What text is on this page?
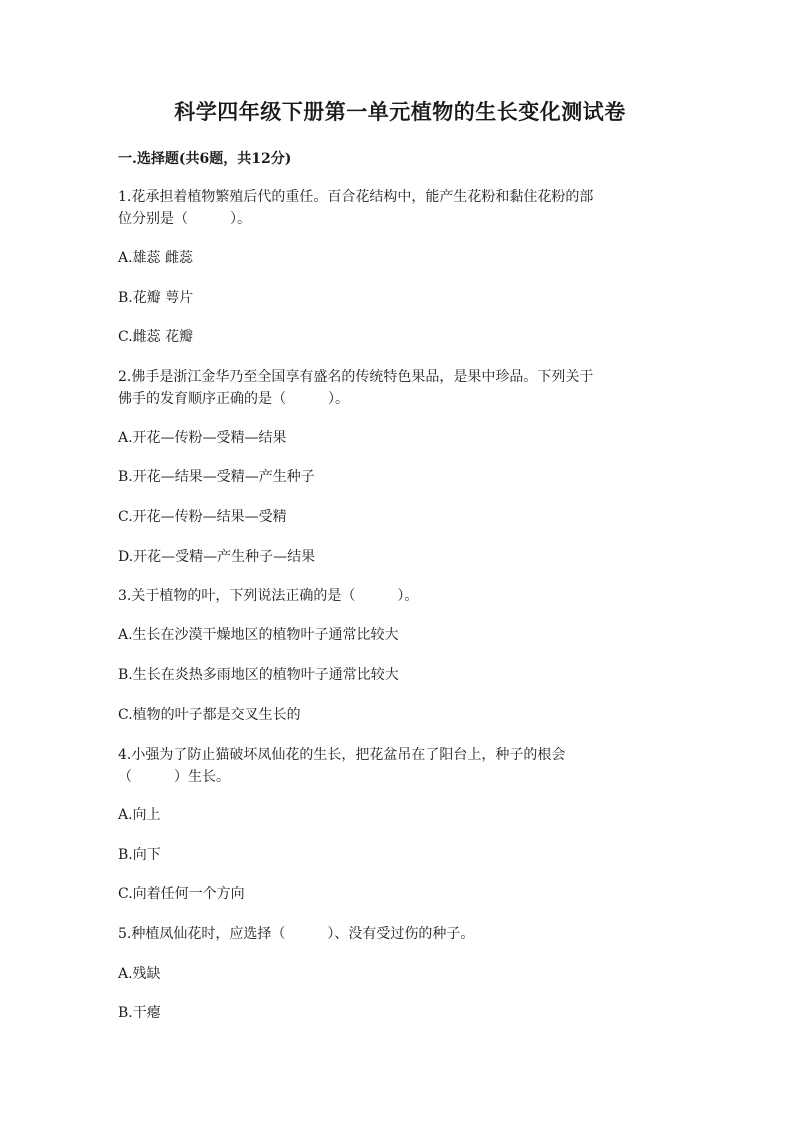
科学四年级下册第一单元植物的生长变化测试卷
一.选择题(共6题，共12分)
1.花承担着植物繁殖后代的重任。百合花结构中，能产生花粉和黏住花粉的部
位分别是（　　　）。
A.雄蕊 雌蕊
B.花瓣 萼片
C.雌蕊 花瓣
2.佛手是浙江金华乃至全国享有盛名的传统特色果品，是果中珍品。下列关于
佛手的发育顺序正确的是（　　　）。
A.开花—传粉—受精—结果
B.开花—结果—受精—产生种子
C.开花—传粉—结果—受精
D.开花—受精—产生种子—结果
3.关于植物的叶，下列说法正确的是（　　　）。
A.生长在沙漠干燥地区的植物叶子通常比较大
B.生长在炎热多雨地区的植物叶子通常比较大
C.植物的叶子都是交叉生长的
4.小强为了防止猫破坏凤仙花的生长，把花盆吊在了阳台上，种子的根会
（　　　）生长。
A.向上
B.向下
C.向着任何一个方向
5.种植凤仙花时，应选择（　　　）、没有受过伤的种子。
A.残缺
B.干瘪
